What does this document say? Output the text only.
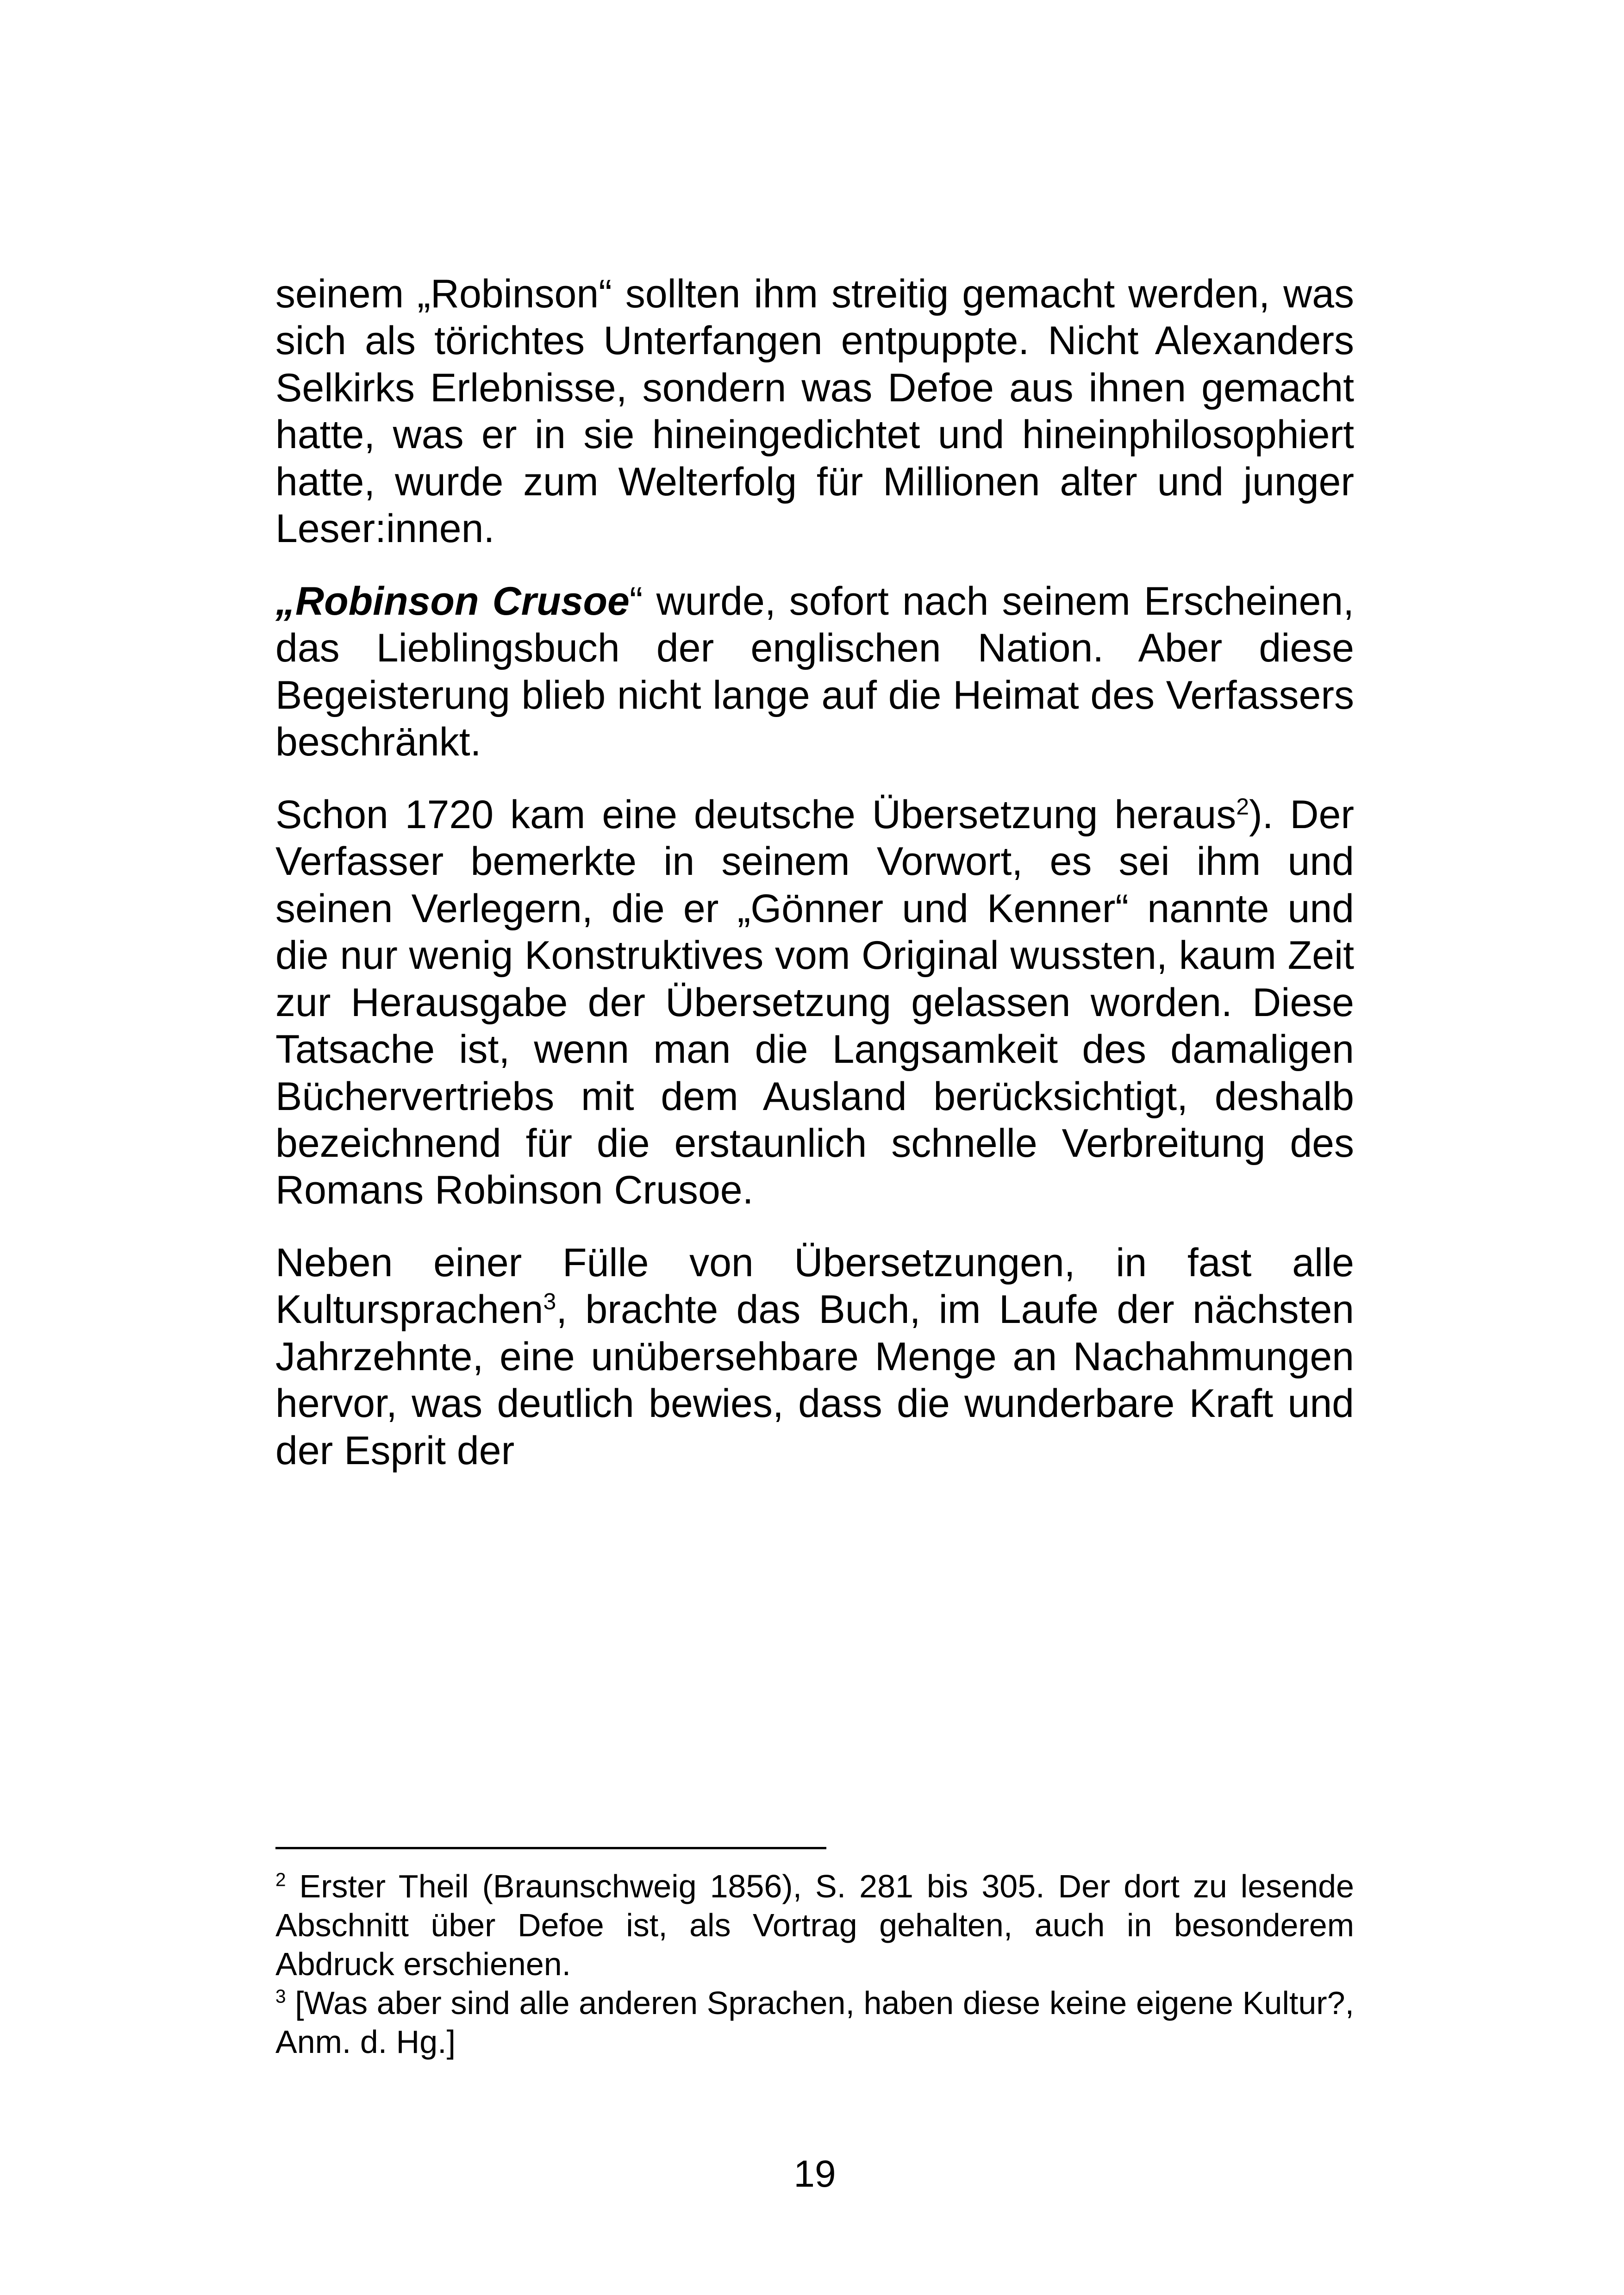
seinem „Robinson“ sollten ihm streitig gemacht werden, was sich als törichtes Unterfangen entpuppte. Nicht Alexanders Selkirks Erlebnisse, sondern was Defoe aus ihnen gemacht hatte, was er in sie hineingedichtet und hineinphilosophiert hatte, wurde zum Welterfolg für Millionen alter und junger Leser:innen.

„Robinson Crusoe“ wurde, sofort nach seinem Erscheinen, das Lieblingsbuch der englischen Nation. Aber diese Begeisterung blieb nicht lange auf die Heimat des Verfassers beschränkt.

Schon 1720 kam eine deutsche Übersetzung heraus$^2$). Der Verfasser bemerkte in seinem Vorwort, es sei ihm und seinen Verlegern, die er „Gönner und Kenner“ nannte und die nur wenig Konstruktives vom Original wussten, kaum Zeit zur Herausgabe der Übersetzung gelassen worden. Diese Tatsache ist, wenn man die Langsamkeit des damaligen Büchervertriebs mit dem Ausland berücksichtigt, deshalb bezeichnend für die erstaunlich schnelle Verbreitung des Romans Robinson Crusoe.

Neben einer Fülle von Übersetzungen, in fast alle Kultursprachen$^3$, brachte das Buch, im Laufe der nächsten Jahrzehnte, eine unübersehbare Menge an Nachahmungen hervor, was deutlich bewies, dass die wunderbare Kraft und der Esprit der

$^2$ Erster Theil (Braunschweig 1856), S. 281 bis 305. Der dort zu lesende Abschnitt über Defoe ist, als Vortrag gehalten, auch in besonderem Abdruck erschienen.

$^3$ [Was aber sind alle anderen Sprachen, haben diese keine eigene Kultur?, Anm. d. Hg.]

19
